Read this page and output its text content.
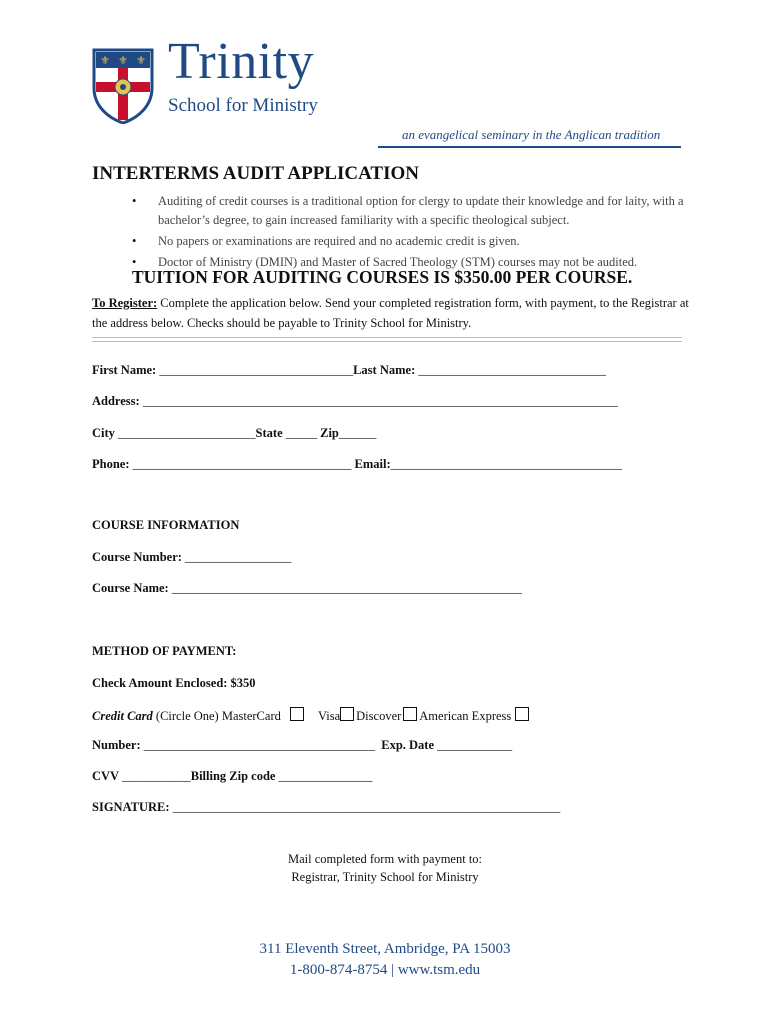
⚜ ⚜ ⚜ Trinity
School for Ministry
an evangelical seminary in the Anglican tradition
INTERTERMS AUDIT APPLICATION
• Auditing of credit courses is a traditional option for clergy to update their knowledge and for laity, with a bachelor’s degree, to gain increased familiarity with a specific theological subject.
• No papers or examinations are required and no academic credit is given.
• Doctor of Ministry (DMIN) and Master of Sacred Theology (STM) courses may not be audited.
TUITION FOR AUDITING COURSES IS $350.00 PER COURSE.
To Register: Complete the application below. Send your completed registration form, with payment, to the Registrar at the address below. Checks should be payable to Trinity School for Ministry.
First Name: _______________________________Last Name: ______________________________
Address: ____________________________________________________________________________
City ______________________State _____ Zip______
Phone: ___________________________________ Email:_____________________________________
COURSE INFORMATION
Course Number: _________________
Course Name: ________________________________________________________
METHOD OF PAYMENT:
Check Amount Enclosed: $350
Credit Card (Circle One) MasterCard	Visa Discover American Express
Number: _____________________________________ Exp. Date ____________
CVV ___________Billing Zip code _______________
SIGNATURE: ______________________________________________________________
Mail completed form with payment to:
Registrar, Trinity School for Ministry
311 Eleventh Street, Ambridge, PA 15003
1-800-874-8754 | www.tsm.edu
